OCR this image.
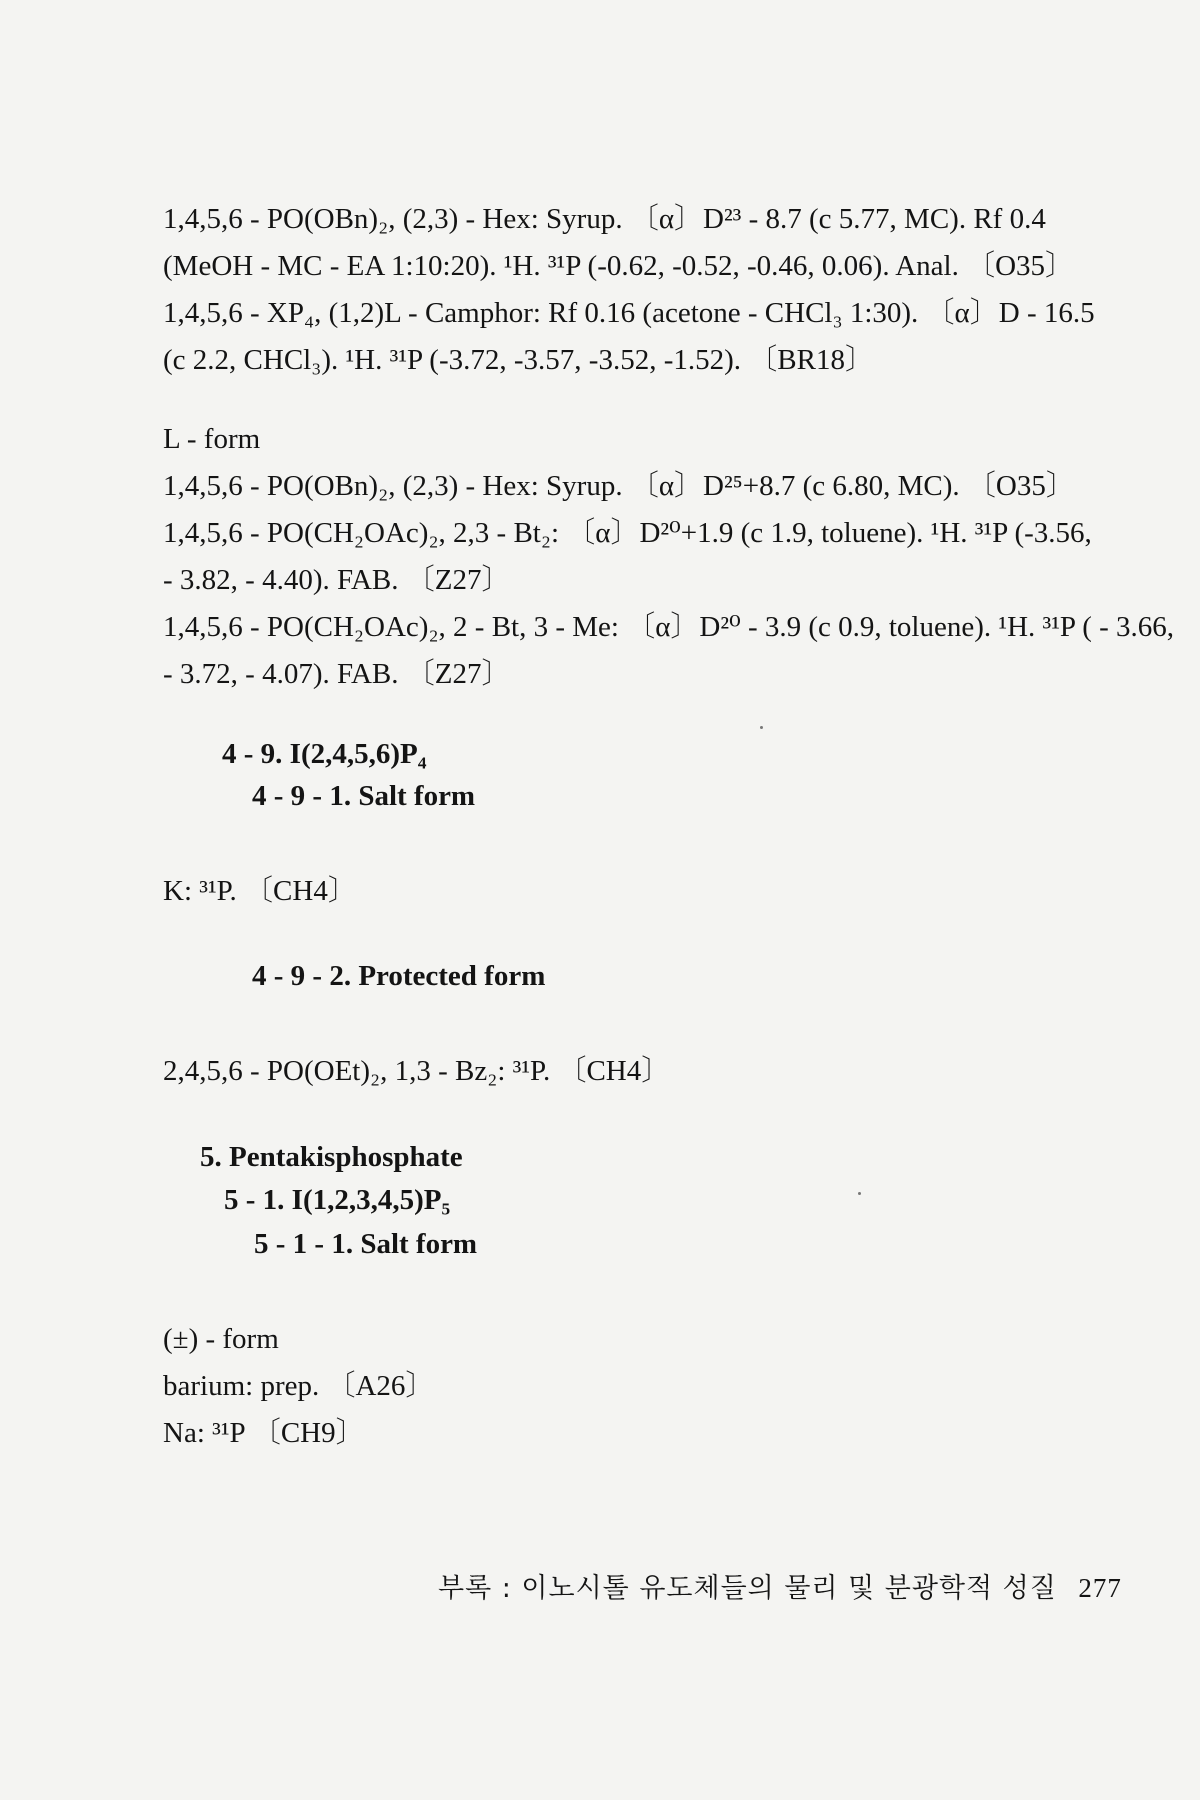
1,4,5,6 - PO(OBn)₂, (2,3) - Hex: Syrup. 〔α〕D²³ - 8.7 (c 5.77, MC). Rf 0.4
(MeOH - MC - EA 1:10:20). ¹H. ³¹P (-0.62, -0.52, -0.46, 0.06). Anal. 〔O35〕
1,4,5,6 - XP₄, (1,2)L - Camphor: Rf 0.16 (acetone - CHCl₃ 1:30). 〔α〕D - 16.5
(c 2.2, CHCl₃). ¹H. ³¹P (-3.72, -3.57, -3.52, -1.52). 〔BR18〕
L - form
1,4,5,6 - PO(OBn)₂, (2,3) - Hex: Syrup. 〔α〕D²⁵+8.7 (c 6.80, MC). 〔O35〕
1,4,5,6 - PO(CH₂OAc)₂, 2,3 - Bt₂: 〔α〕D²⁰+1.9 (c 1.9, toluene). ¹H. ³¹P (-3.56,
- 3.82, - 4.40). FAB. 〔Z27〕
1,4,5,6 - PO(CH₂OAc)₂, 2 - Bt, 3 - Me: 〔α〕D²⁰ - 3.9 (c 0.9, toluene). ¹H. ³¹P ( - 3.66,
- 3.72, - 4.07). FAB. 〔Z27〕
4 - 9. I(2,4,5,6)P₄
4 - 9 - 1. Salt form
K: ³¹P. 〔CH4〕
4 - 9 - 2. Protected form
2,4,5,6 - PO(OEt)₂, 1,3 - Bz₂: ³¹P. 〔CH4〕
5. Pentakisphosphate
5 - 1. I(1,2,3,4,5)P₅
5 - 1 - 1. Salt form
(±) - form
barium: prep. 〔A26〕
Na: ³¹P 〔CH9〕
부록 : 이노시톨 유도체들의 물리 및 분광학적 성질 277
